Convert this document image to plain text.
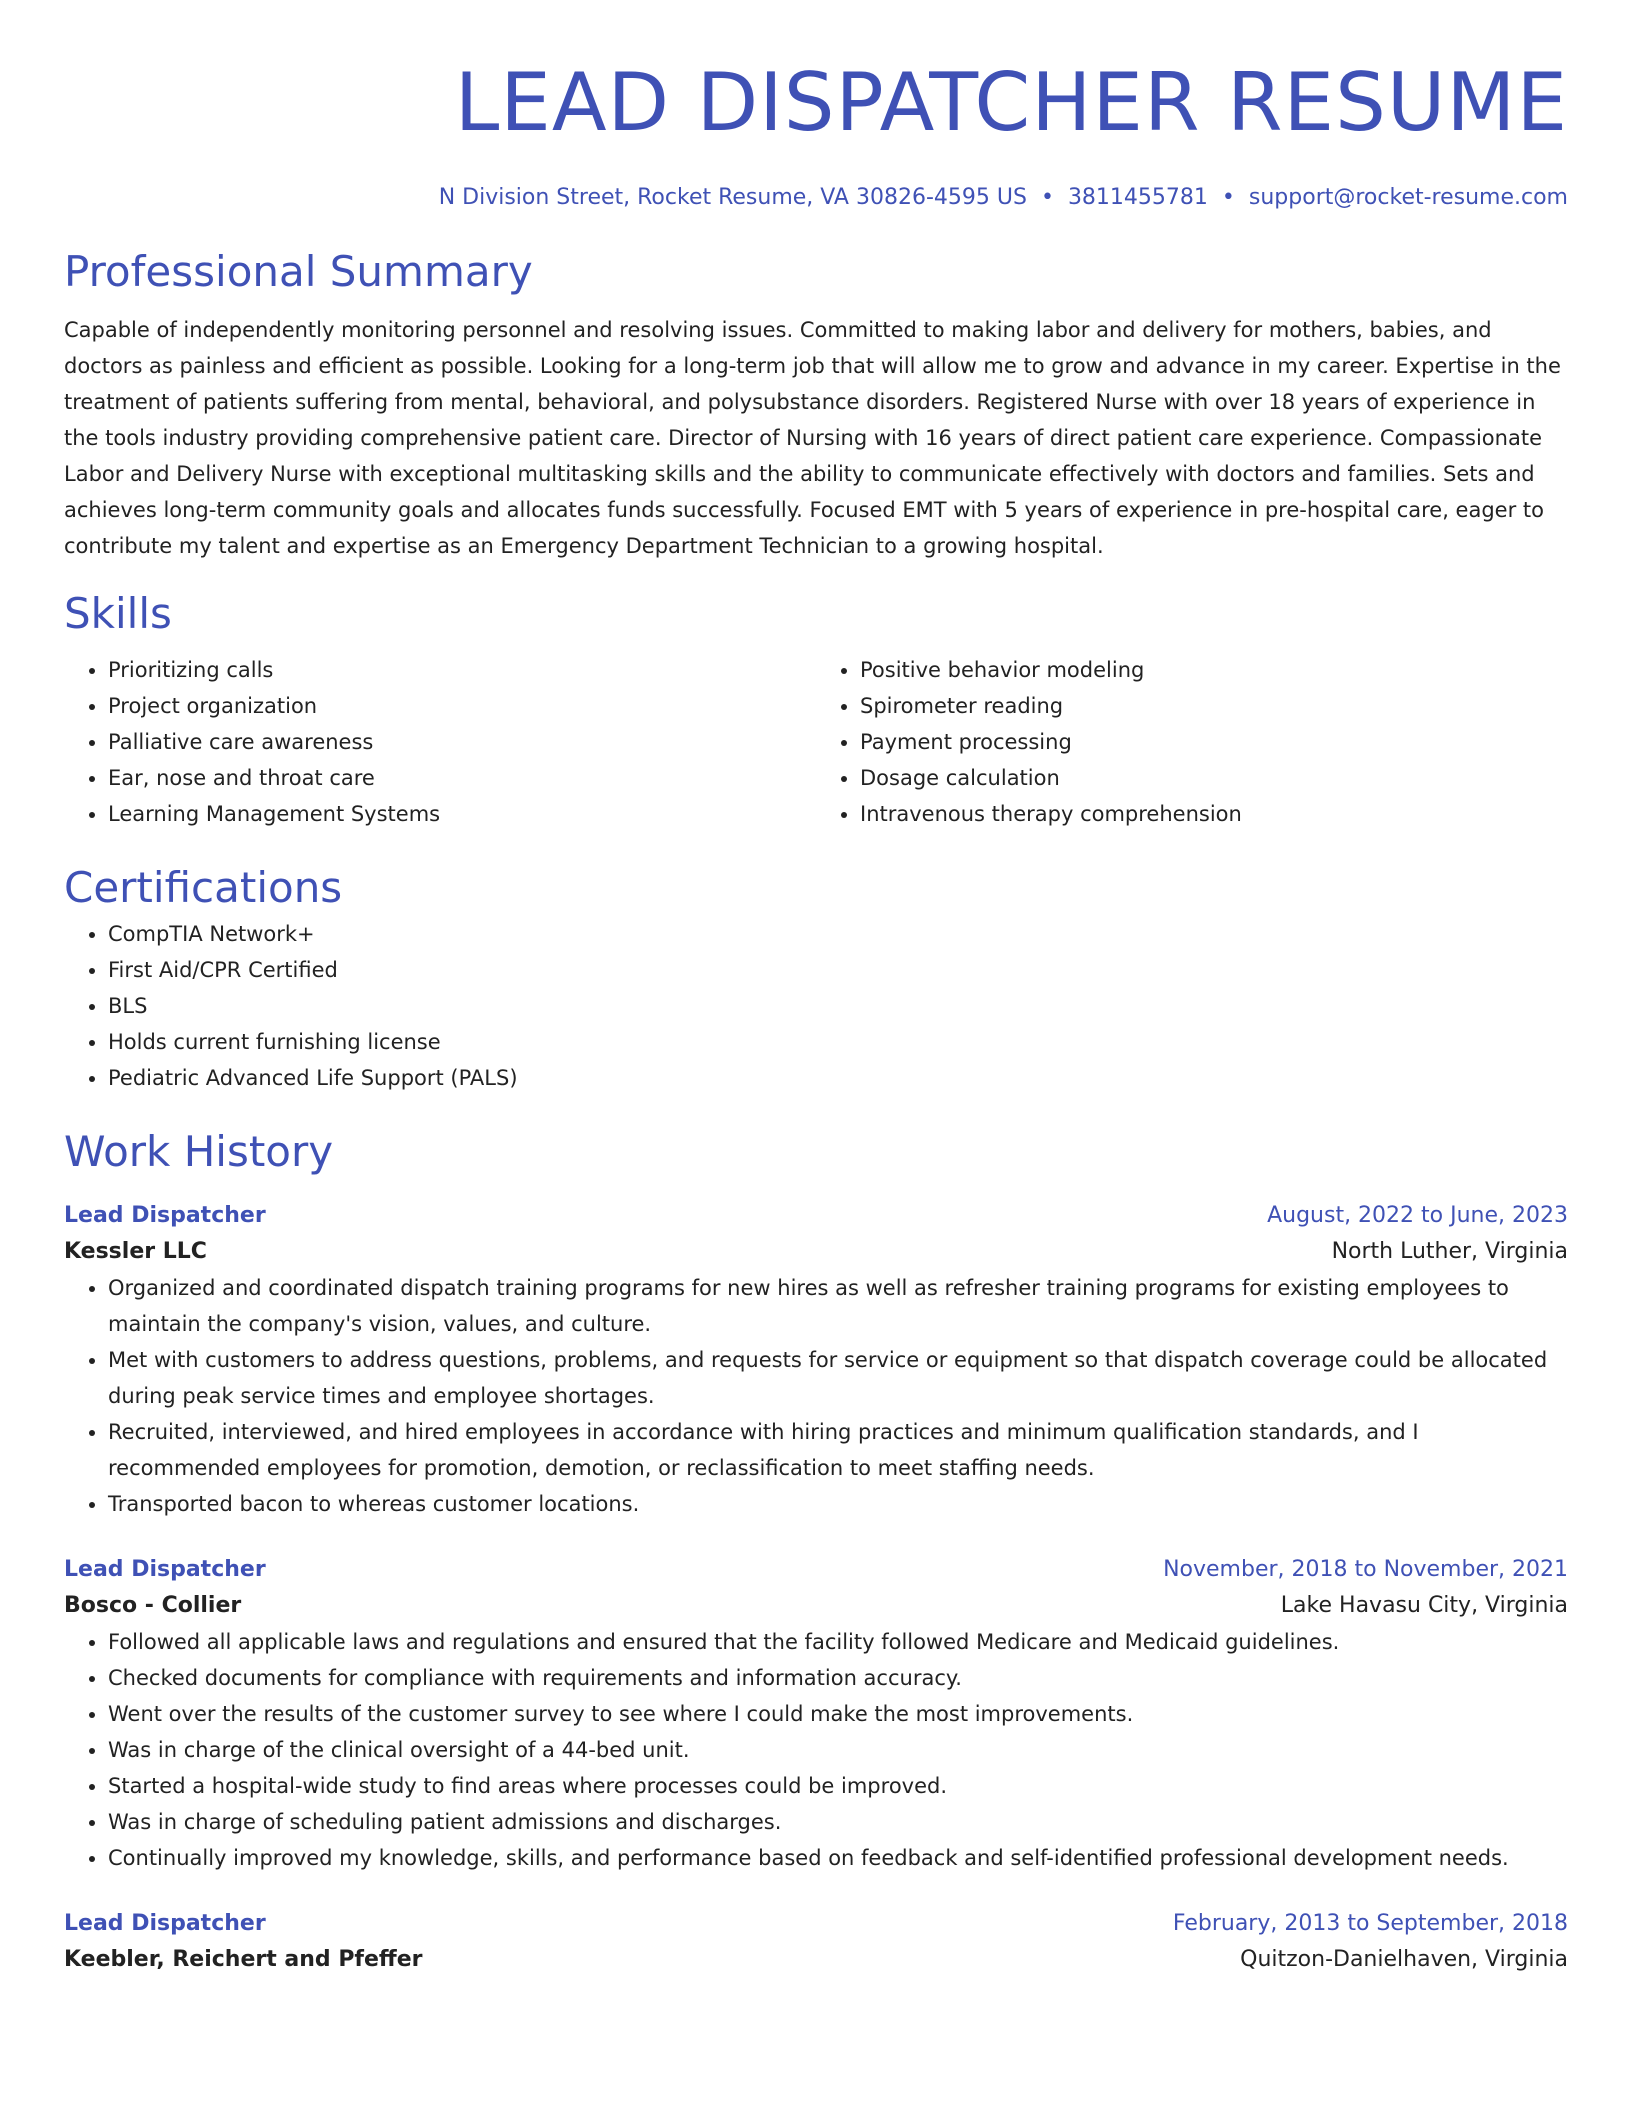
LEAD DISPATCHER RESUME
N Division Street, Rocket Resume, VA 30826-4595 US • 3811455781 • support@rocket-resume.com
Professional Summary

Capable of independently monitoring personnel and resolving issues. Committed to making labor and delivery for mothers, babies, and doctors as painless and efficient as possible. Looking for a long-term job that will allow me to grow and advance in my career. Expertise in the treatment of patients suffering from mental, behavioral, and polysubstance disorders. Registered Nurse with over 18 years of experience in the tools industry providing comprehensive patient care. Director of Nursing with 16 years of direct patient care experience. Compassionate Labor and Delivery Nurse with exceptional multitasking skills and the ability to communicate effectively with doctors and families. Sets and achieves long-term community goals and allocates funds successfully. Focused EMT with 5 years of experience in pre-hospital care, eager to contribute my talent and expertise as an Emergency Department Technician to a growing hospital.

Skills
• Prioritizing calls
• Project organization
• Palliative care awareness
• Ear, nose and throat care
• Learning Management Systems
• Positive behavior modeling
• Spirometer reading
• Payment processing
• Dosage calculation
• Intravenous therapy comprehension
Certifications
• CompTIA Network+
• First Aid/CPR Certified
• BLS
• Holds current furnishing license
• Pediatric Advanced Life Support (PALS)
Work History
Lead Dispatcher	August, 2022 to June, 2023
Kessler LLC	North Luther, Virginia
• Organized and coordinated dispatch training programs for new hires as well as refresher training programs for existing employees to maintain the company's vision, values, and culture.
• Met with customers to address questions, problems, and requests for service or equipment so that dispatch coverage could be allocated during peak service times and employee shortages.
• Recruited, interviewed, and hired employees in accordance with hiring practices and minimum qualification standards, and I recommended employees for promotion, demotion, or reclassification to meet staffing needs.
• Transported bacon to whereas customer locations.
Lead Dispatcher	November, 2018 to November, 2021
Bosco - Collier	Lake Havasu City, Virginia
• Followed all applicable laws and regulations and ensured that the facility followed Medicare and Medicaid guidelines.
• Checked documents for compliance with requirements and information accuracy.
• Went over the results of the customer survey to see where I could make the most improvements.
• Was in charge of the clinical oversight of a 44-bed unit.
• Started a hospital-wide study to find areas where processes could be improved.
• Was in charge of scheduling patient admissions and discharges.
• Continually improved my knowledge, skills, and performance based on feedback and self-identified professional development needs.
Lead Dispatcher	February, 2013 to September, 2018
Keebler, Reichert and Pfeffer	Quitzon-Danielhaven, Virginia
